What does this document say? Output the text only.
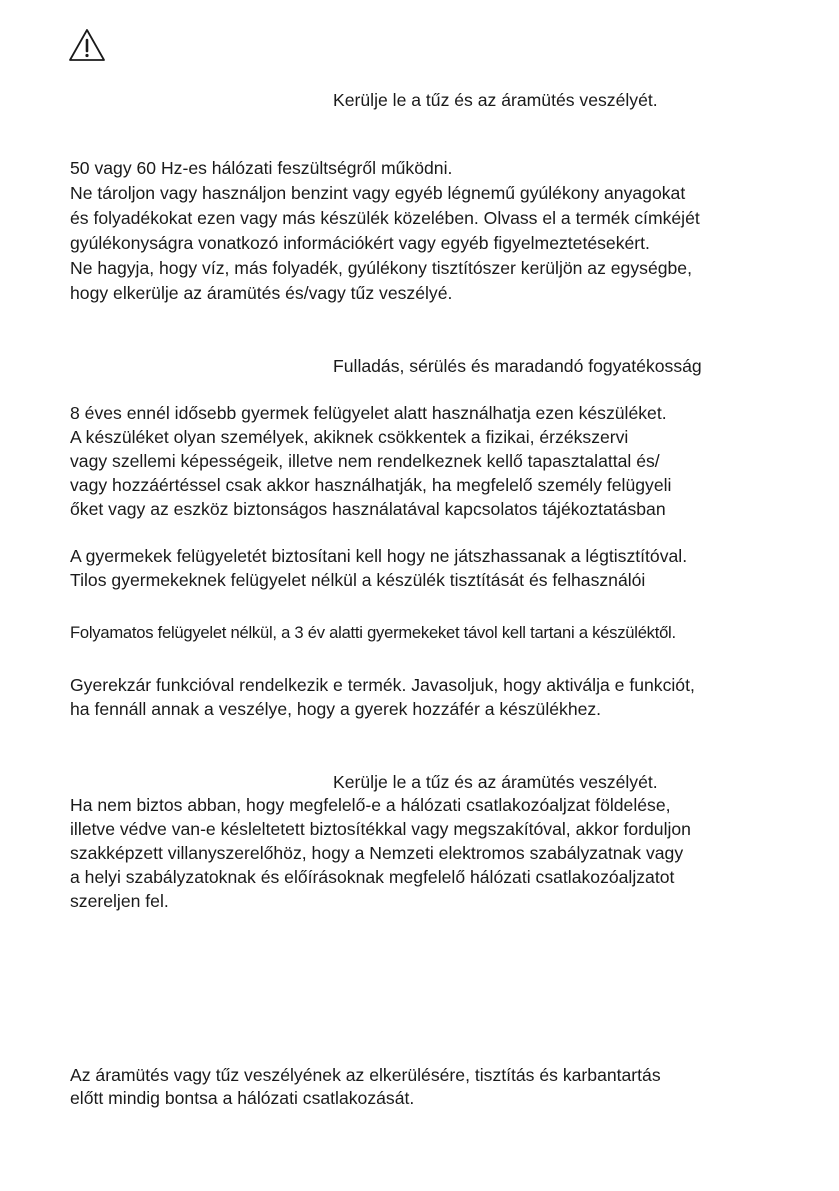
Kerülje le a tűz és az áramütés veszélyét.
50 vagy 60 Hz-es hálózati feszültségről működni.
Ne tároljon vagy használjon benzint vagy egyéb légnemű gyúlékony anyagokat
és folyadékokat ezen vagy más készülék közelében. Olvass el a termék címkéjét
gyúlékonyságra vonatkozó információkért vagy egyéb figyelmeztetésekért.
Ne hagyja, hogy víz, más folyadék, gyúlékony tisztítószer kerüljön az egységbe,
hogy elkerülje az áramütés és/vagy tűz veszélyé.
Fulladás, sérülés és maradandó fogyatékosság
8 éves ennél idősebb gyermek felügyelet alatt használhatja ezen készüléket.
A készüléket olyan személyek, akiknek csökkentek a fizikai, érzékszervi
vagy szellemi képességeik, illetve nem rendelkeznek kellő tapasztalattal és/
vagy hozzáértéssel csak akkor használhatják, ha megfelelő személy felügyeli
őket vagy az eszköz biztonságos használatával kapcsolatos tájékoztatásban
A gyermekek felügyeletét biztosítani kell hogy ne játszhassanak a légtisztítóval.
Tilos gyermekeknek felügyelet nélkül a készülék tisztítását és felhasználói
Folyamatos felügyelet nélkül, a 3 év alatti gyermekeket távol kell tartani a készüléktől.
Gyerekzár funkcióval rendelkezik e termék. Javasoljuk, hogy aktiválja e funkciót,
ha fennáll annak a veszélye, hogy a gyerek hozzáfér a készülékhez.
Kerülje le a tűz és az áramütés veszélyét.
Ha nem biztos abban, hogy megfelelő-e a hálózati csatlakozóaljzat földelése,
illetve védve van-e késleltetett biztosítékkal vagy megszakítóval, akkor forduljon
szakképzett villanyszerelőhöz, hogy a Nemzeti elektromos szabályzatnak vagy
a helyi szabályzatoknak és előírásoknak megfelelő hálózati csatlakozóaljzatot
szereljen fel.
Az áramütés vagy tűz veszélyének az elkerülésére, tisztítás és karbantartás
előtt mindig bontsa a hálózati csatlakozását.
